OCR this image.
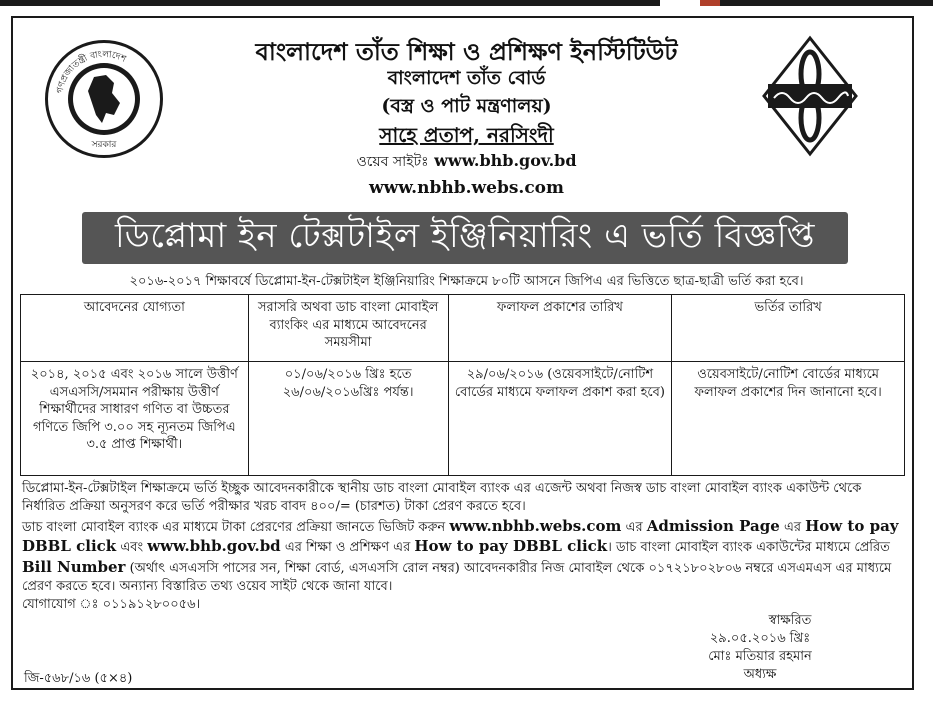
গণপ্রজাতন্ত্রী বাংলাদেশ
সরকার
বাংলাদেশ তাঁত শিক্ষা ও প্রশিক্ষণ ইনস্টিটিউট
বাংলাদেশ তাঁত বোর্ড
(বস্ত্র ও পাট মন্ত্রণালয়)
সাহে প্রতাপ, নরসিংদী
ওয়েব সাইটঃ www.bhb.gov.bd
www.nbhb.webs.com
ডিপ্লোমা ইন টেক্সটাইল ইঞ্জিনিয়ারিং এ ভর্তি বিজ্ঞপ্তি
২০১৬-২০১৭ শিক্ষাবর্ষে ডিপ্লোমা-ইন-টেক্সটাইল ইঞ্জিনিয়ারিং শিক্ষাক্রমে ৮০টি আসনে জিপিএ এর ভিত্তিতে ছাত্র-ছাত্রী ভর্তি করা হবে।
আবেদনের যোগ্যতা	সরাসরি অথবা ডাচ বাংলা মোবাইল ব্যাংকিং এর মাধ্যমে আবেদনের সময়সীমা	ফলাফল প্রকাশের তারিখ	ভর্তির তারিখ
২০১৪, ২০১৫ এবং ২০১৬ সালে উত্তীর্ণ এসএসসি/সমমান পরীক্ষায় উত্তীর্ণ শিক্ষার্থীদের সাধারণ গণিত বা উচ্চতর গণিতে জিপি ৩.০০ সহ ন্যূনতম জিপিএ ৩.৫ প্রাপ্ত শিক্ষার্থী।	০১/০৬/২০১৬ খ্রিঃ হতে ২৬/০৬/২০১৬খ্রিঃ পর্যন্ত।	২৯/০৬/২০১৬ (ওয়েবসাইটে/নোটিশ বোর্ডের মাধ্যমে ফলাফল প্রকাশ করা হবে)	ওয়েবসাইটে/নোটিশ বোর্ডের মাধ্যমে ফলাফল প্রকাশের দিন জানানো হবে।

ডিপ্লোমা-ইন-টেক্সটাইল শিক্ষাক্রমে ভর্তি ইচ্ছুক আবেদনকারীকে স্থানীয় ডাচ বাংলা মোবাইল ব্যাংক এর এজেন্ট অথবা নিজস্ব ডাচ বাংলা মোবাইল ব্যাংক একাউন্ট থেকে নির্ধারিত প্রক্রিয়া অনুসরণ করে ভর্তি পরীক্ষার খরচ বাবদ ৪০০/= (চারশত) টাকা প্রেরণ করতে হবে।

ডাচ বাংলা মোবাইল ব্যাংক এর মাধ্যমে টাকা প্রেরণের প্রক্রিয়া জানতে ভিজিট করুন www.nbhb.webs.com এর Admission Page এর How to pay DBBL click এবং www.bhb.gov.bd এর শিক্ষা ও প্রশিক্ষণ এর How to pay DBBL click। ডাচ বাংলা মোবাইল ব্যাংক একাউন্টের মাধ্যমে প্রেরিত Bill Number (অর্থাৎ এসএসসি পাসের সন, শিক্ষা বোর্ড, এসএসসি রোল নম্বর) আবেদনকারীর নিজ মোবাইল থেকে ০১৭২১৮০২৮০৬ নম্বরে এসএমএস এর মাধ্যমে প্রেরণ করতে হবে। অন্যান্য বিস্তারিত তথ্য ওয়েব সাইট থেকে জানা যাবে।

যোগাযোগ ঃ ০১১৯১২৮০০৫৬।

স্বাক্ষরিত
২৯.০৫.২০১৬ খ্রিঃ
মোঃ মতিয়ার রহমান
অধ্যক্ষ
জি-৫৬৮/১৬ (৫×৪)
